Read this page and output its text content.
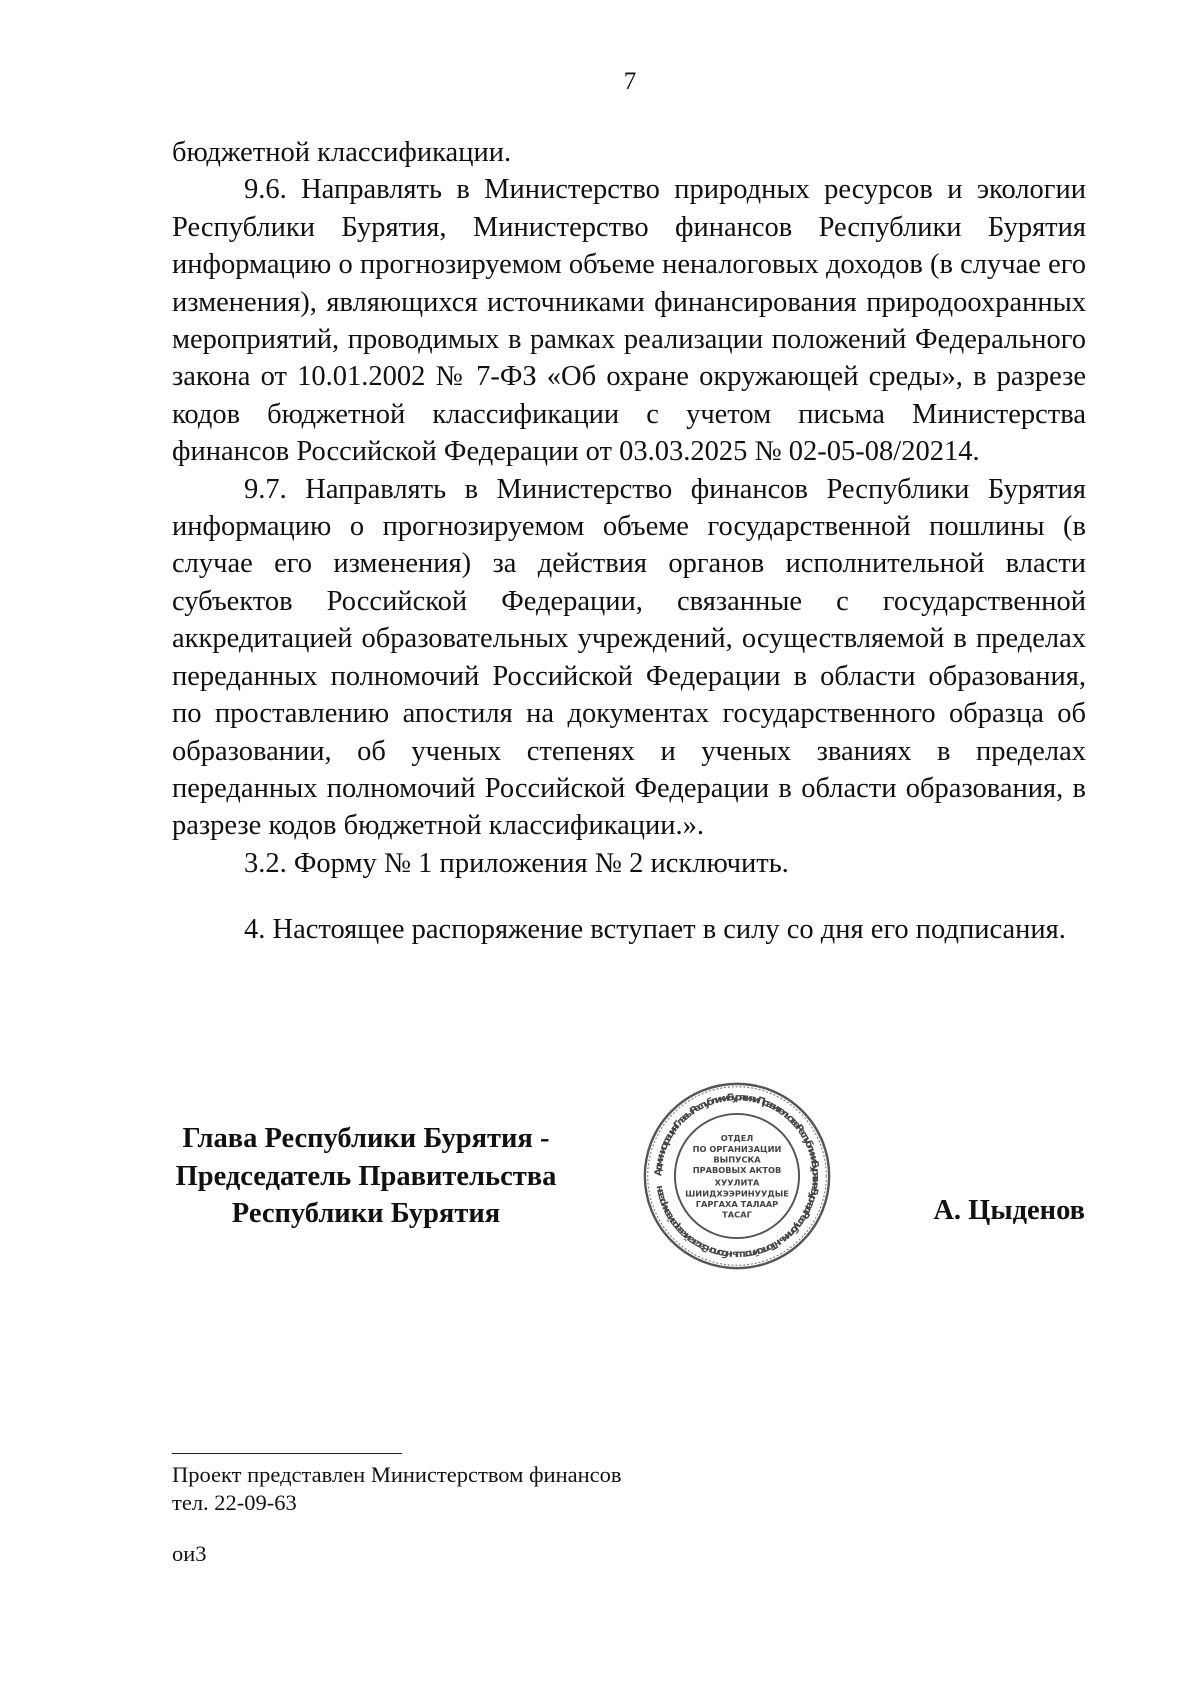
7

бюджетной классификации.

9.6. Направлять в Министерство природных ресурсов и экологии Республики Бурятия, Министерство финансов Республики Бурятия информацию о прогнозируемом объеме неналоговых доходов (в случае его изменения), являющихся источниками финансирования природоохранных мероприятий, проводимых в рамках реализации положений Федерального закона от 10.01.2002 № 7-ФЗ «Об охране окружающей среды», в разрезе кодов бюджетной классификации с учетом письма Министерства финансов Российской Федерации от 03.03.2025 № 02-05-08/20214.

9.7. Направлять в Министерство финансов Республики Бурятия информацию о прогнозируемом объеме государственной пошлины (в случае его изменения) за действия органов исполнительной власти субъектов Российской Федерации, связанные с государственной аккредитацией образовательных учреждений, осуществляемой в пределах переданных полномочий Российской Федерации в области образования, по проставлению апостиля на документах государственного образца об образовании, об ученых степенях и ученых званиях в пределах переданных полномочий Российской Федерации в области образования, в разрезе кодов бюджетной классификации.».

3.2. Форму № 1 приложения № 2 исключить.

4. Настоящее распоряжение вступает в силу со дня его подписания.

Глава Республики Бурятия -
Председатель Правительства
Республики Бурятия
Администрация Главы Республики Бурятия и Правительства Республики Бурятия · Буряад Республикын Толгойлогшын болон Засагай газарай захиргаан
ОТДЕЛ
ПО ОРГАНИЗАЦИИ
ВЫПУСКА
ПРАВОВЫХ АКТОВ
ХУУЛИТА
ШИИДХЭЭРИНУУДЫЕ
ГАРГАХА ТАЛААР
ТАСАГ	А. Цыденов
Проект представлен Министерством финансов
тел. 22-09-63
ои3
